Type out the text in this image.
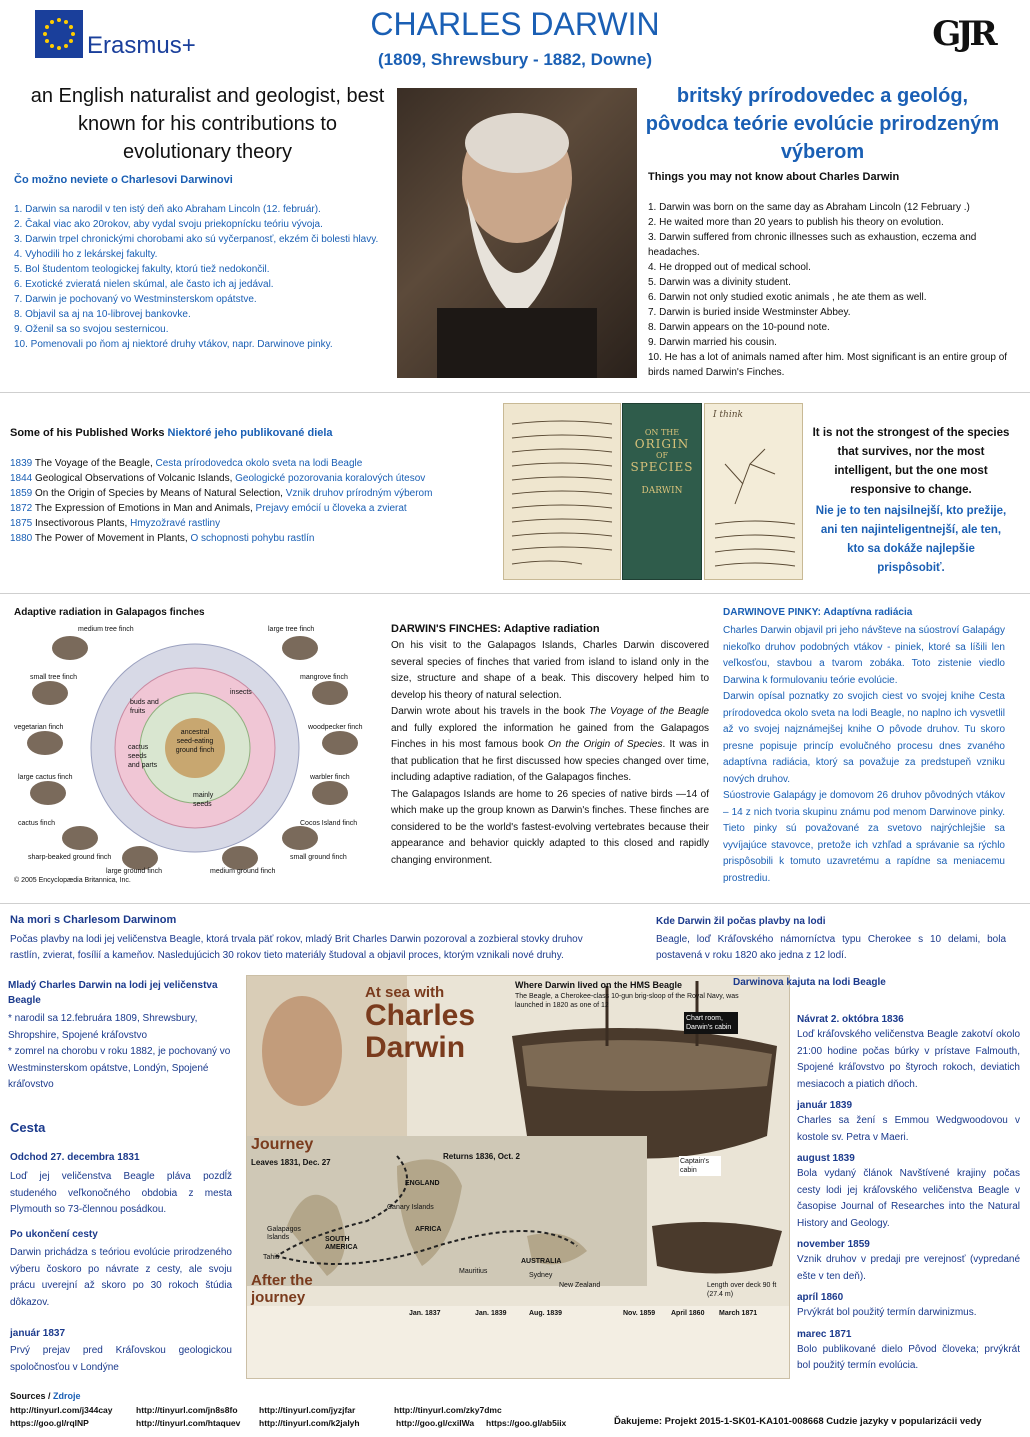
Erasmus+
CHARLES DARWIN
(1809, Shrewsbury - 1882, Downe)
GJR
an English naturalist and geologist, best known for his contributions to evolutionary theory
britský prírodovedec a geológ, pôvodca teórie evolúcie prirodzeným výberom
Čo možno neviete o Charlesovi Darwinovi
1. Darwin sa narodil v ten istý deň ako Abraham Lincoln (12. február).
2. Čakal viac ako 20rokov, aby vydal svoju priekopnícku teóriu vývoja.
3. Darwin trpel chronickými chorobami ako sú vyčerpanosť, ekzém či bolesti hlavy.
4. Vyhodili ho z lekárskej fakulty.
5. Bol študentom teologickej fakulty, ktorú tiež nedokončil.
6. Exotické zvieratá nielen skúmal, ale často ich aj jedával.
7. Darwin je pochovaný vo Westminsterskom opátstve.
8. Objavil sa aj na 10-librovej bankovke.
9. Oženil sa so svojou sesternicou.
10. Pomenovali po ňom aj niektoré druhy vtákov, napr. Darwinove pinky.
Things you may not know about Charles Darwin
1. Darwin was born on the same day as Abraham Lincoln (12 February .)
2. He waited more than 20 years to publish his theory on evolution.
3. Darwin suffered from chronic illnesses such as exhaustion, eczema and headaches.
4. He dropped out of medical school.
5. Darwin was a divinity student.
6. Darwin not only studied exotic animals , he ate them as well.
7. Darwin is buried inside Westminster Abbey.
8. Darwin appears on the 10-pound note.
9. Darwin married his cousin.
10. He has a lot of animals named after him. Most significant is an entire group of birds named Darwin's Finches.
Some of his Published Works Niektoré jeho publikované diela
1839 The Voyage of the Beagle, Cesta prírodovedca okolo sveta na lodi Beagle
1844 Geological Observations of Volcanic Islands, Geologické pozorovania koralových útesov
1859 On the Origin of Species by Means of Natural Selection, Vznik druhov prírodným výberom
1872 The Expression of Emotions in Man and Animals, Prejavy emócií u človeka a zvierat
1875 Insectivorous Plants, Hmyzožravé rastliny
1880 The Power of Movement in Plants, O schopnosti pohybu rastlín
ON THE
ORIGIN
OF
SPECIES
DARWIN
I think
It is not the strongest of the species that survives, nor the most intelligent, but the one most responsive to change.
Nie je to ten najsilnejší, kto prežije, ani ten najinteligentnejší, ale ten, kto sa dokáže najlepšie prispôsobiť.
Adaptive radiation in Galapagos finches
ancestral seed-eating ground finch
buds and fruits
insects
cactus seeds and parts
mainly seeds
medium tree finch
small tree finch
vegetarian finch
large cactus finch
cactus finch
sharp-beaked ground finch
large ground finch
large tree finch
mangrove finch
woodpecker finch
warbler finch
Cocos Island finch
small ground finch
medium ground finch
© 2005 Encyclopædia Britannica, Inc.
DARWIN'S FINCHES: Adaptive radiation
On his visit to the Galapagos Islands, Charles Darwin discovered several species of finches that varied from island to island only in the size, structure and shape of a beak. This discovery helped him to develop his theory of natural selection.
Darwin wrote about his travels in the book The Voyage of the Beagle and fully explored the information he gained from the Galapagos Finches in his most famous book On the Origin of Species. It was in that publication that he first discussed how species changed over time, including adaptive radiation, of the Galapagos finches.
The Galapagos Islands are home to 26 species of native birds —14 of which make up the group known as Darwin's finches. These finches are considered to be the world's fastest-evolving vertebrates because their appearance and behavior quickly adapted to this closed and rapidly changing environment.
DARWINOVE PINKY: Adaptívna radiácia
Charles Darwin objavil pri jeho návšteve na súostroví Galapágy niekoľko druhov podobných vtákov - piniek, ktoré sa líšili len veľkosťou, stavbou a tvarom zobáka. Toto zistenie viedlo Darwina k formulovaniu teórie evolúcie.
Darwin opísal poznatky zo svojich ciest vo svojej knihe Cesta prírodovedca okolo sveta na lodi Beagle, no naplno ich vysvetlil až vo svojej najznámejšej knihe O pôvode druhov. Tu skoro presne popisuje princíp evolučného procesu dnes zvaného adaptívna radiácia, ktorý sa považuje za predstupeň vzniku nových druhov.
Súostrovie Galapágy je domovom 26 druhov pôvodných vtákov – 14 z nich tvoria skupinu známu pod menom Darwinove pinky. Tieto pinky sú považované za svetovo najrýchlejšie sa vyvíjajúce stavovce, pretože ich vzhľad a správanie sa rýchlo prispôsobili k tomuto uzavretému a rapídne sa meniacemu prostrediu.
Na mori s Charlesom Darwinom
Počas plavby na lodi jej veličenstva Beagle, ktorá trvala päť rokov, mladý Brit Charles Darwin pozoroval a zozbieral stovky druhov rastlín, zvierat, fosílií a kameňov. Nasledujúcich 30 rokov tieto materiály študoval a objavil proces, ktorým vznikali nové druhy.
Kde Darwin žil počas plavby na lodi
Beagle, loď Kráľovského námorníctva typu Cherokee s 10 delami, bola postavená v roku 1820 ako jedna z 12 lodí.
Mladý Charles Darwin na lodi jej veličenstva Beagle
* narodil sa 12.februára 1809, Shrewsbury, Shropshire, Spojené kráľovstvo
* zomrel na chorobu v roku 1882, je pochovaný vo Westminsterskom opátstve, Londýn, Spojené kráľovstvo
Cesta
Odchod 27. decembra 1831
Loď jej veličenstva Beagle pláva pozdĺž studeného veľkonočného obdobia z mesta Plymouth so 73-člennou posádkou.
Po ukončení cesty
Darwin prichádza s teóriou evolúcie prirodzeného výberu čoskoro po návrate z cesty, ale svoju prácu uverejní až skoro po 30 rokoch štúdia dôkazov.
január 1837
Prvý prejav pred Kráľovskou geologickou spoločnosťou v Londýne
At sea with
Charles Darwin
Where Darwin lived on the HMS Beagle
The Beagle, a Cherokee-class 10-gun brig-sloop of the Royal Navy, was launched in 1820 as one of 12
Chart room, Darwin's cabin
Captain's cabin
Length over deck 90 ft (27.4 m)
Journey
Leaves 1831, Dec. 27
Returns 1836, Oct. 2
After the journey
ENGLAND
AFRICA
SOUTH AMERICA
AUSTRALIA
New Zealand
Canary Islands
Galapagos Islands
Tahiti
Mauritius
Sydney
Jan. 1837	Jan. 1839	Aug. 1839	Nov. 1859 April 1860 March 1871
Darwinova kajuta na lodi Beagle
Návrat 2. októbra 1836
Loď kráľovského veličenstva Beagle zakotví okolo 21:00 hodine počas búrky v prístave Falmouth, Spojené kráľovstvo po štyroch rokoch, deviatich mesiacoch a piatich dňoch.
január 1839
Charles sa žení s Emmou Wedgwoodovou v kostole sv. Petra v Maeri.
august 1839
Bola vydaný článok Navštívené krajiny počas cesty lodi jej kráľovského veličenstva Beagle v časopise Journal of Researches into the Natural History and Geology.
november 1859
Vznik druhov v predaji pre verejnosť (vypredané ešte v ten deň).
apríl 1860
Prvýkrát bol použitý termín darwinizmus.
marec 1871
Bolo publikované dielo Pôvod človeka; prvýkrát bol použitý termín evolúcia.
Sources / Zdroje
http://tinyurl.com/j344cay	http://tinyurl.com/jn8s8fo	http://tinyurl.com/jyzjfar	http://tinyurl.com/zky7dmc
https://goo.gl/rqINP	http://tinyurl.com/htaquev http://tinyurl.com/k2jalyh	http://goo.gl/cxiIWa https://goo.gl/ab5iix	Ďakujeme: Projekt 2015-1-SK01-KA101-008668 Cudzie jazyky v popularizácii vedy
